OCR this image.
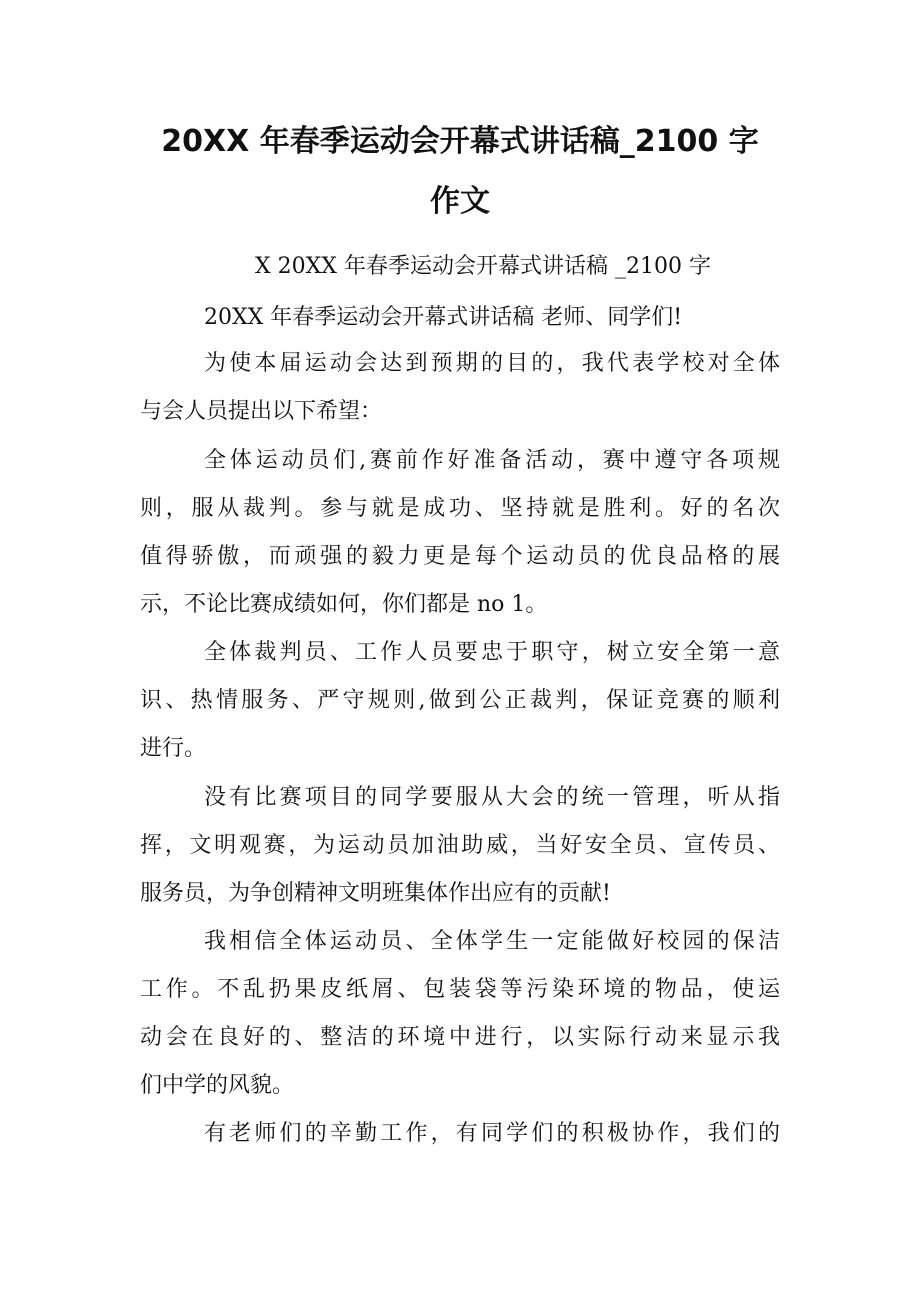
20XX 年春季运动会开幕式讲话稿_2100 字
作文

X 20XX 年春季运动会开幕式讲话稿 _2100 字

20XX 年春季运动会开幕式讲话稿 老师、同学们!

为使本届运动会达到预期的目的，我代表学校对全体

与会人员提出以下希望：

全体运动员们,赛前作好准备活动，赛中遵守各项规

则，服从裁判。参与就是成功、坚持就是胜利。好的名次

值得骄傲，而顽强的毅力更是每个运动员的优良品格的展

示，不论比赛成绩如何，你们都是 no 1。

全体裁判员、工作人员要忠于职守，树立安全第一意

识、热情服务、严守规则,做到公正裁判，保证竞赛的顺利

进行。

没有比赛项目的同学要服从大会的统一管理，听从指

挥，文明观赛，为运动员加油助威，当好安全员、宣传员、

服务员，为争创精神文明班集体作出应有的贡献!

我相信全体运动员、全体学生一定能做好校园的保洁

工作。不乱扔果皮纸屑、包装袋等污染环境的物品，使运

动会在良好的、整洁的环境中进行，以实际行动来显示我

们中学的风貌。

有老师们的辛勤工作，有同学们的积极协作，我们的
